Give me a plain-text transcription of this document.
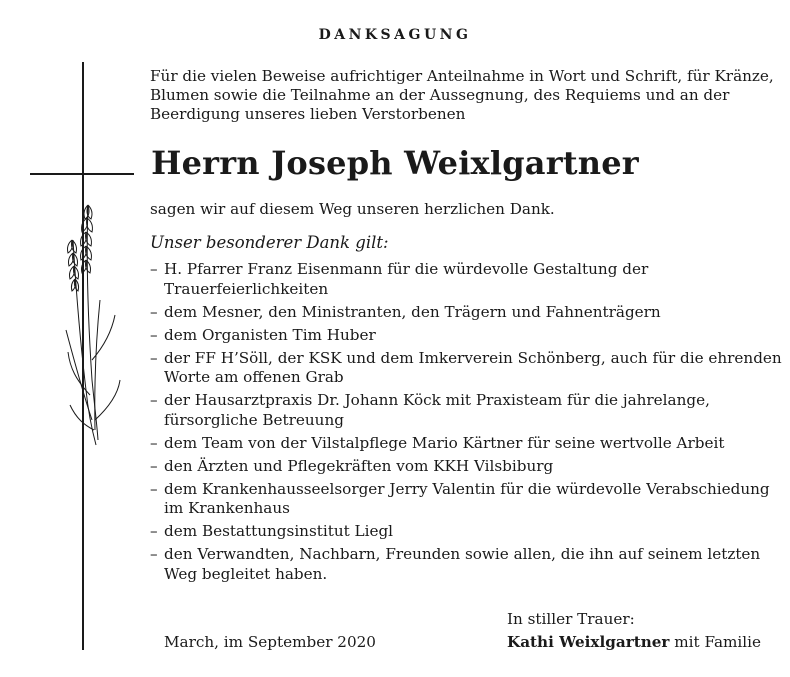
DANKSAGUNG
Für die vielen Beweise aufrichtiger Anteilnahme in Wort und Schrift, für Kränze, Blumen sowie die Teilnahme an der Aussegnung, des Requiems und an der Beerdigung unseres lieben Verstorbenen
Herrn Joseph Weixlgartner
sagen wir auf diesem Weg unseren herzlichen Dank.
Unser besonderer Dank gilt:
– H. Pfarrer Franz Eisenmann für die würdevolle Gestaltung der Trauerfeierlichkeiten
– dem Mesner, den Ministranten, den Trägern und Fahnenträgern
– dem Organisten Tim Huber
– der FF H’Söll, der KSK und dem Imkerverein Schönberg, auch für die ehrenden Worte am offenen Grab
– der Hausarztpraxis Dr. Johann Köck mit Praxisteam für die jahrelange, fürsorgliche Betreuung
– dem Team von der Vilstalpflege Mario Kärtner für seine wertvolle Arbeit
– den Ärzten und Pflegekräften vom KKH Vilsbiburg
– dem Krankenhausseelsorger Jerry Valentin für die würdevolle Verabschiedung im Krankenhaus
– dem Bestattungsinstitut Liegl
– den Verwandten, Nachbarn, Freunden sowie allen, die ihn auf seinem letzten Weg begleitet haben.
In stiller Trauer:
March, im September 2020	Kathi Weixlgartner mit Familie
